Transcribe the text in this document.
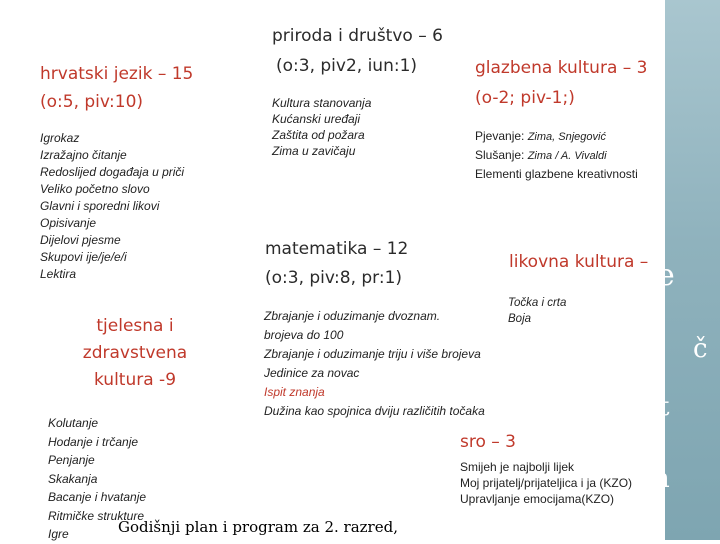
e
č
t
n
hrvatski jezik – 15
(o:5, piv:10)
Igrokaz
Izražajno čitanje
Redoslijed događaja u priči
Veliko početno slovo
Glavni i sporedni likovi
Opisivanje
Dijelovi pjesme
Skupovi ije/je/e/i
Lektira
priroda i društvo – 6
(o:3, piv2, iun:1)
Kultura stanovanja
Kućanski uređaji
Zaštita od požara
Zima u zavičaju
glazbena kultura – 3
(o-2; piv-1;)
Pjevanje: Zima, Snjegović
Slušanje: Zima / A. Vivaldi
Elementi glazbene kreativnosti
matematika – 12
(o:3, piv:8, pr:1)
Zbrajanje i oduzimanje dvoznam.
brojeva do 100
Zbrajanje i oduzimanje triju i više brojeva
Jedinice za novac
Ispit znanja
Dužina kao spojnica dviju različitih točaka
likovna kultura –
Točka i crta
Boja
tjelesna i
zdravstvena
kultura -9
Kolutanje
Hodanje i trčanje
Penjanje
Skakanja
Bacanje i hvatanje
Ritmičke strukture
Igre
sro – 3
Smijeh je najbolji lijek
Moj prijatelj/prijateljica i ja (KZO)
Upravljanje emocijama(KZO)
Godišnji plan i program za 2. razred,
